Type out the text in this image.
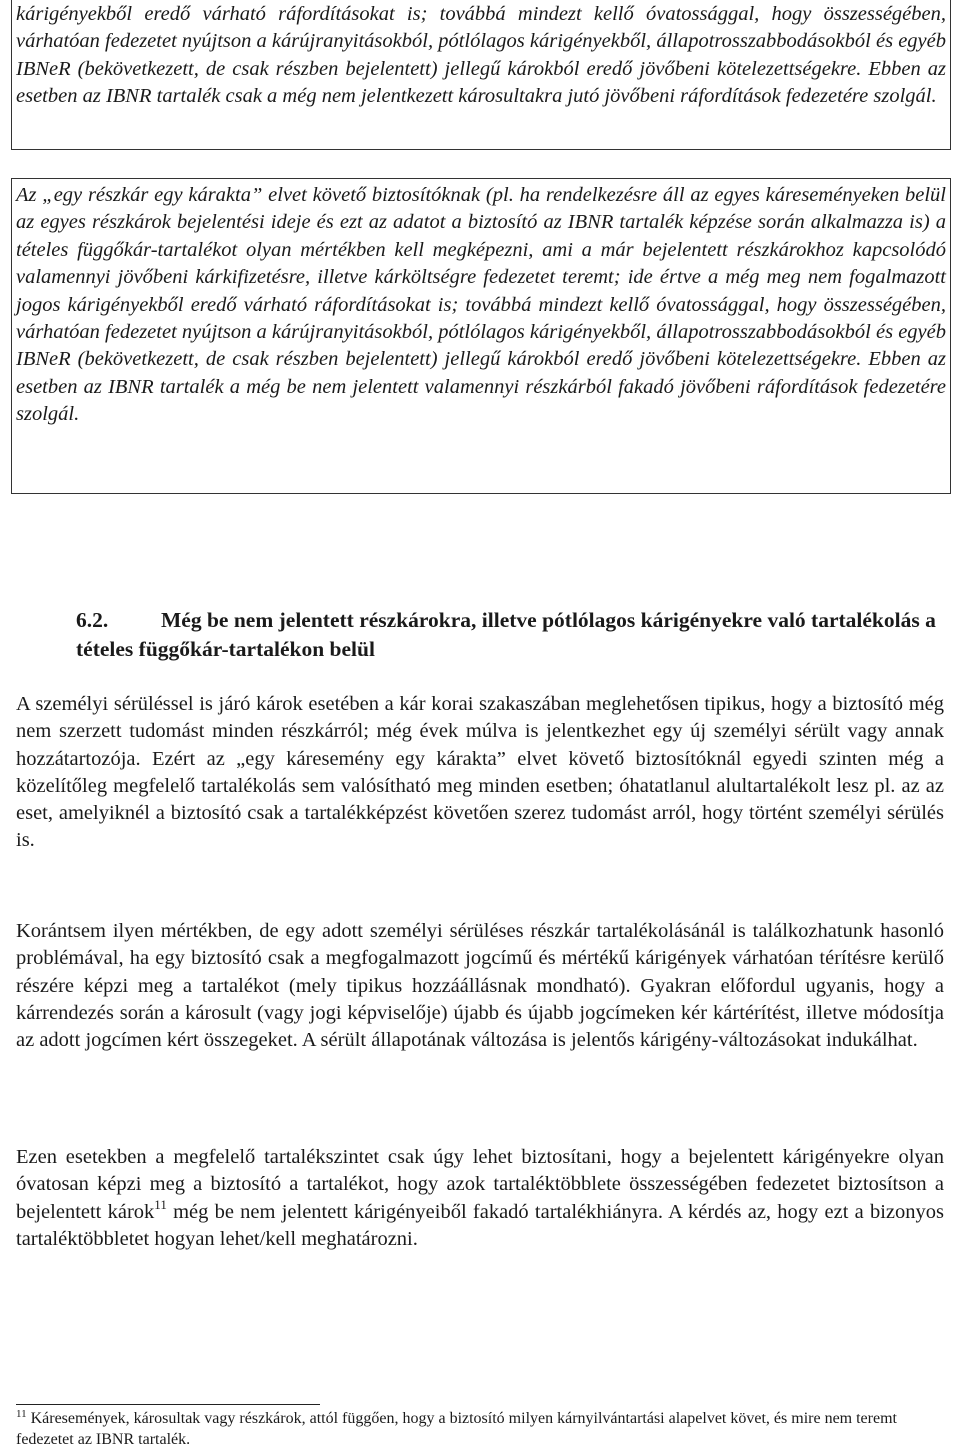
kárigényekből eredő várható ráfordításokat is; továbbá mindezt kellő óvatossággal, hogy összességében, várhatóan fedezetet nyújtson a kárújranyitásokból, pótlólagos kárigényekből, állapotrosszabbodásokból és egyéb IBNeR (bekövetkezett, de csak részben bejelentett) jellegű károkból eredő jövőbeni kötelezettségekre. Ebben az esetben az IBNR tartalék csak a még nem jelentkezett károsultakra jutó jövőbeni ráfordítások fedezetére szolgál.
Az „egy részkár egy kárakta” elvet követő biztosítóknak (pl. ha rendelkezésre áll az egyes káreseményeken belül az egyes részkárok bejelentési ideje és ezt az adatot a biztosító az IBNR tartalék képzése során alkalmazza is) a tételes függőkár-tartalékot olyan mértékben kell megképezni, ami a már bejelentett részkárokhoz kapcsolódó valamennyi jövőbeni kárkifizetésre, illetve kárköltségre fedezetet teremt; ide értve a még meg nem fogalmazott jogos kárigényekből eredő várható ráfordításokat is; továbbá mindezt kellő óvatossággal, hogy összességében, várhatóan fedezetet nyújtson a kárújranyitásokból, pótlólagos kárigényekből, állapotrosszabbodásokból és egyéb IBNeR (bekövetkezett, de csak részben bejelentett) jellegű károkból eredő jövőbeni kötelezettségekre. Ebben az esetben az IBNR tartalék a még be nem jelentett valamennyi részkárból fakadó jövőbeni ráfordítások fedezetére szolgál.
6.2. Még be nem jelentett részkárokra, illetve pótlólagos kárigényekre való tartalékolás a tételes függőkár-tartalékon belül

A személyi sérüléssel is járó károk esetében a kár korai szakaszában meglehetősen tipikus, hogy a biztosító még nem szerzett tudomást minden részkárról; még évek múlva is jelentkezhet egy új személyi sérült vagy annak hozzátartozója. Ezért az „egy káresemény egy kárakta” elvet követő biztosítóknál egyedi szinten még a közelítőleg megfelelő tartalékolás sem valósítható meg minden esetben; óhatatlanul alultartalékolt lesz pl. az az eset, amelyiknél a biztosító csak a tartalékképzést követően szerez tudomást arról, hogy történt személyi sérülés is.

Korántsem ilyen mértékben, de egy adott személyi sérüléses részkár tartalékolásánál is találkozhatunk hasonló problémával, ha egy biztosító csak a megfogalmazott jogcímű és mértékű kárigények várhatóan térítésre kerülő részére képzi meg a tartalékot (mely tipikus hozzáállásnak mondható). Gyakran előfordul ugyanis, hogy a kárrendezés során a károsult (vagy jogi képviselője) újabb és újabb jogcímeken kér kártérítést, illetve módosítja az adott jogcímen kért összegeket. A sérült állapotának változása is jelentős kárigény-változásokat indukálhat.

Ezen esetekben a megfelelő tartalékszintet csak úgy lehet biztosítani, hogy a bejelentett kárigényekre olyan óvatosan képzi meg a biztosító a tartalékot, hogy azok tartaléktöbblete összességében fedezetet biztosítson a bejelentett károk$^{11}$ még be nem jelentett kárigényeiből fakadó tartalékhiányra. A kérdés az, hogy ezt a bizonyos tartaléktöbbletet hogyan lehet/kell meghatározni.

$^{11}$ Káresemények, károsultak vagy részkárok, attól függően, hogy a biztosító milyen kárnyilvántartási alapelvet követ, és mire nem teremt fedezetet az IBNR tartalék.
